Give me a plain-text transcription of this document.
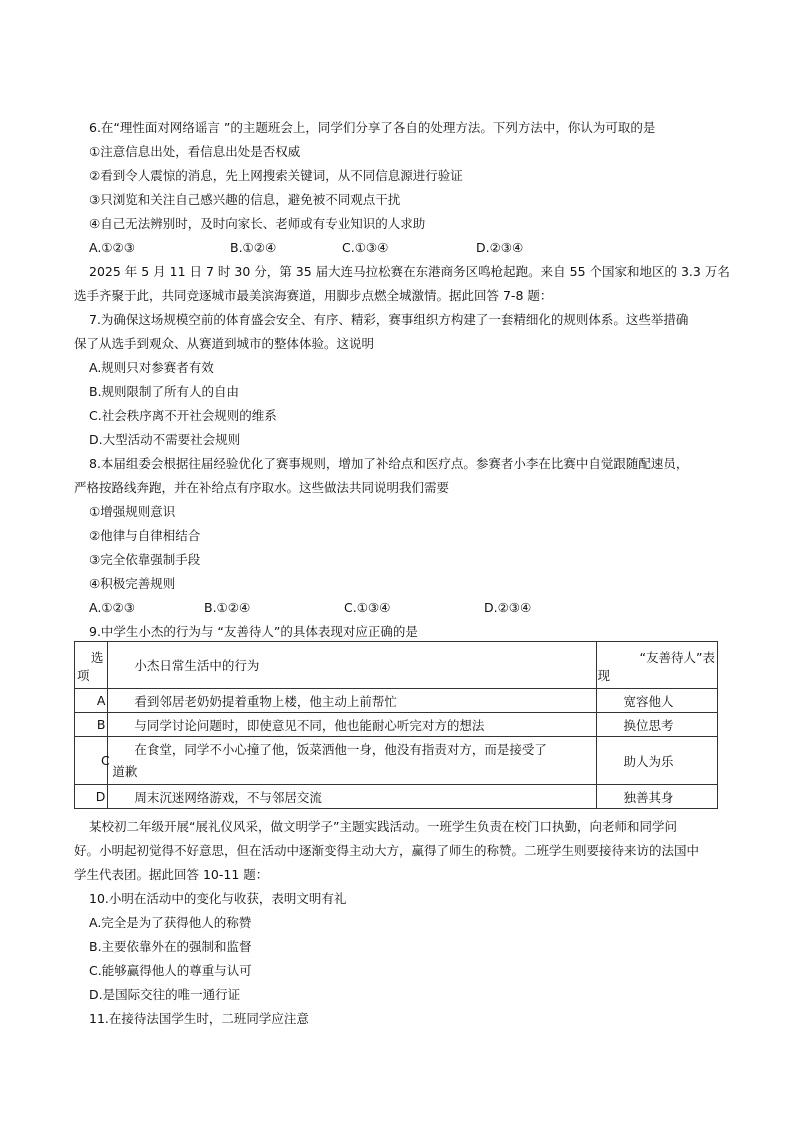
6.在“理性面对网络谣言 ”的主题班会上，同学们分享了各自的处理方法。下列方法中，你认为可取的是
①注意信息出处，看信息出处是否权威
②看到令人震惊的消息，先上网搜索关键词，从不同信息源进行验证
③只浏览和关注自己感兴趣的信息，避免被不同观点干扰
④自己无法辨别时，及时向家长、老师或有专业知识的人求助
A.①②③	B.①②④	C.①③④	D.②③④
2025 年 5 月 11 日 7 时 30 分，第 35 届大连马拉松赛在东港商务区鸣枪起跑。来自 55 个国家和地区的 3.3 万名
选手齐聚于此，共同竞逐城市最美滨海赛道，用脚步点燃全城激情。据此回答 7-8 题：
7.为确保这场规模空前的体育盛会安全、有序、精彩，赛事组织方构建了一套精细化的规则体系。这些举措确
保了从选手到观众、从赛道到城市的整体体验。这说明
A.规则只对参赛者有效
B.规则限制了所有人的自由
C.社会秩序离不开社会规则的维系
D.大型活动不需要社会规则
8.本届组委会根据往届经验优化了赛事规则，增加了补给点和医疗点。参赛者小李在比赛中自觉跟随配速员，
严格按路线奔跑，并在补给点有序取水。这些做法共同说明我们需要
①增强规则意识
②他律与自律相结合
③完全依靠强制手段
④积极完善规则
A.①②③	B.①②④	C.①③④	D.②③④
9.中学生小杰的行为与 “友善待人”的具体表现对应正确的是
选
项	小杰日常生活中的行为	“友善待人”表
现

A	看到邻居老奶奶提着重物上楼，他主动上前帮忙	宽容他人

B	与同学讨论问题时，即使意见不同，他也能耐心听完对方的想法	换位思考

C	在食堂，同学不小心撞了他，饭菜洒他一身，他没有指责对方，而是接受了
道歉	助人为乐

D	周末沉迷网络游戏，不与邻居交流	独善其身
某校初二年级开展“展礼仪风采，做文明学子”主题实践活动。一班学生负责在校门口执勤，向老师和同学问
好。小明起初觉得不好意思，但在活动中逐渐变得主动大方，赢得了师生的称赞。二班学生则要接待来访的法国中
学生代表团。据此回答 10-11 题：
10.小明在活动中的变化与收获，表明文明有礼
A.完全是为了获得他人的称赞
B.主要依靠外在的强制和监督
C.能够赢得他人的尊重与认可
D.是国际交往的唯一通行证
11.在接待法国学生时，二班同学应注意
